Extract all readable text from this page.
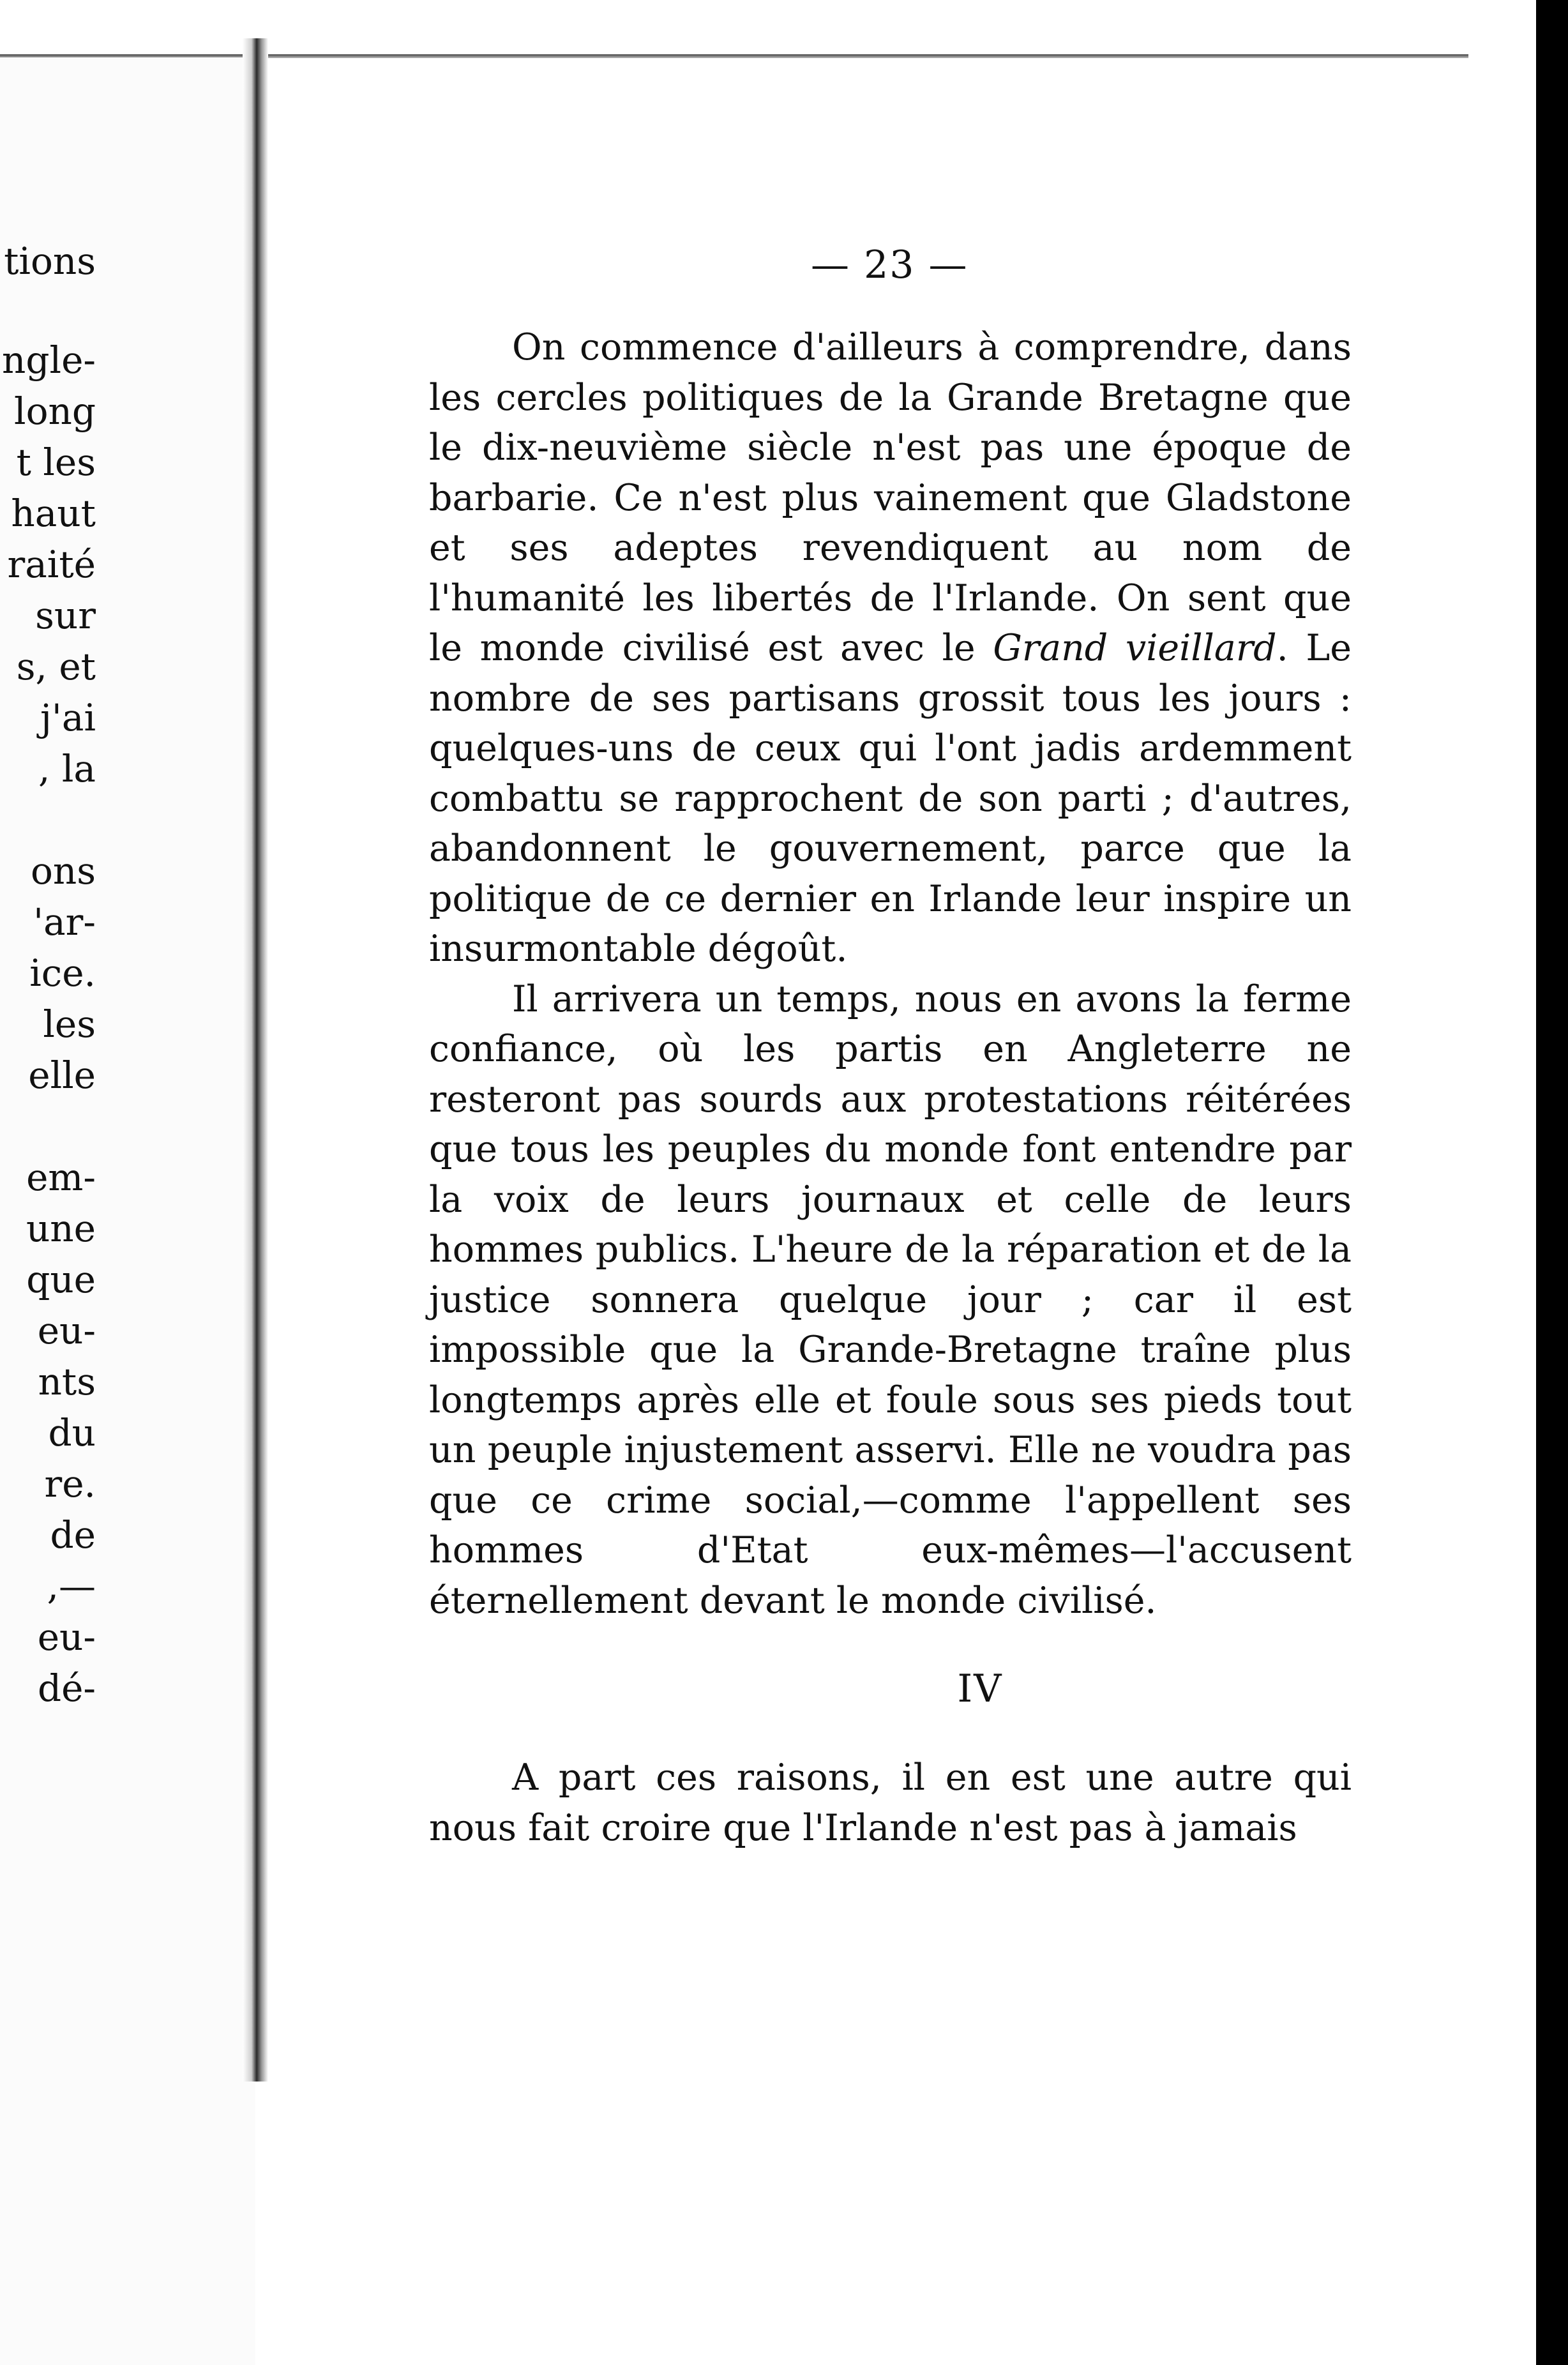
tions
ngle-
long
t les
haut
raité
sur
s, et
j'ai
, la
ons
'ar-
ice.
les
elle
em-
une
que
eu-
nts
du
re.
de
,—
eu-
dé-
— 23 —

On commence d'ailleurs à comprendre, dans les cercles politiques de la Grande Bretagne que le dix-neuvième siècle n'est pas une époque de barbarie. Ce n'est plus vainement que Gladstone et ses adeptes revendiquent au nom de l'humanité les libertés de l'Irlande. On sent que le monde civilisé est avec le Grand vieillard. Le nombre de ses partisans grossit tous les jours : quelques-uns de ceux qui l'ont jadis ardemment combattu se rapprochent de son parti ; d'autres, abandonnent le gouvernement, parce que la politique de ce dernier en Irlande leur inspire un insurmontable dégoût.

Il arrivera un temps, nous en avons la ferme confiance, où les partis en Angleterre ne resteront pas sourds aux protestations réitérées que tous les peuples du monde font entendre par la voix de leurs journaux et celle de leurs hommes publics. L'heure de la réparation et de la justice sonnera quelque jour ; car il est impossible que la Grande-Bretagne traîne plus longtemps après elle et foule sous ses pieds tout un peuple injustement asservi. Elle ne voudra pas que ce crime social,—comme l'appellent ses hommes d'Etat eux-mêmes—l'accusent éternellement devant le monde civilisé.

IV

A part ces raisons, il en est une autre qui nous fait croire que l'Irlande n'est pas à jamais
